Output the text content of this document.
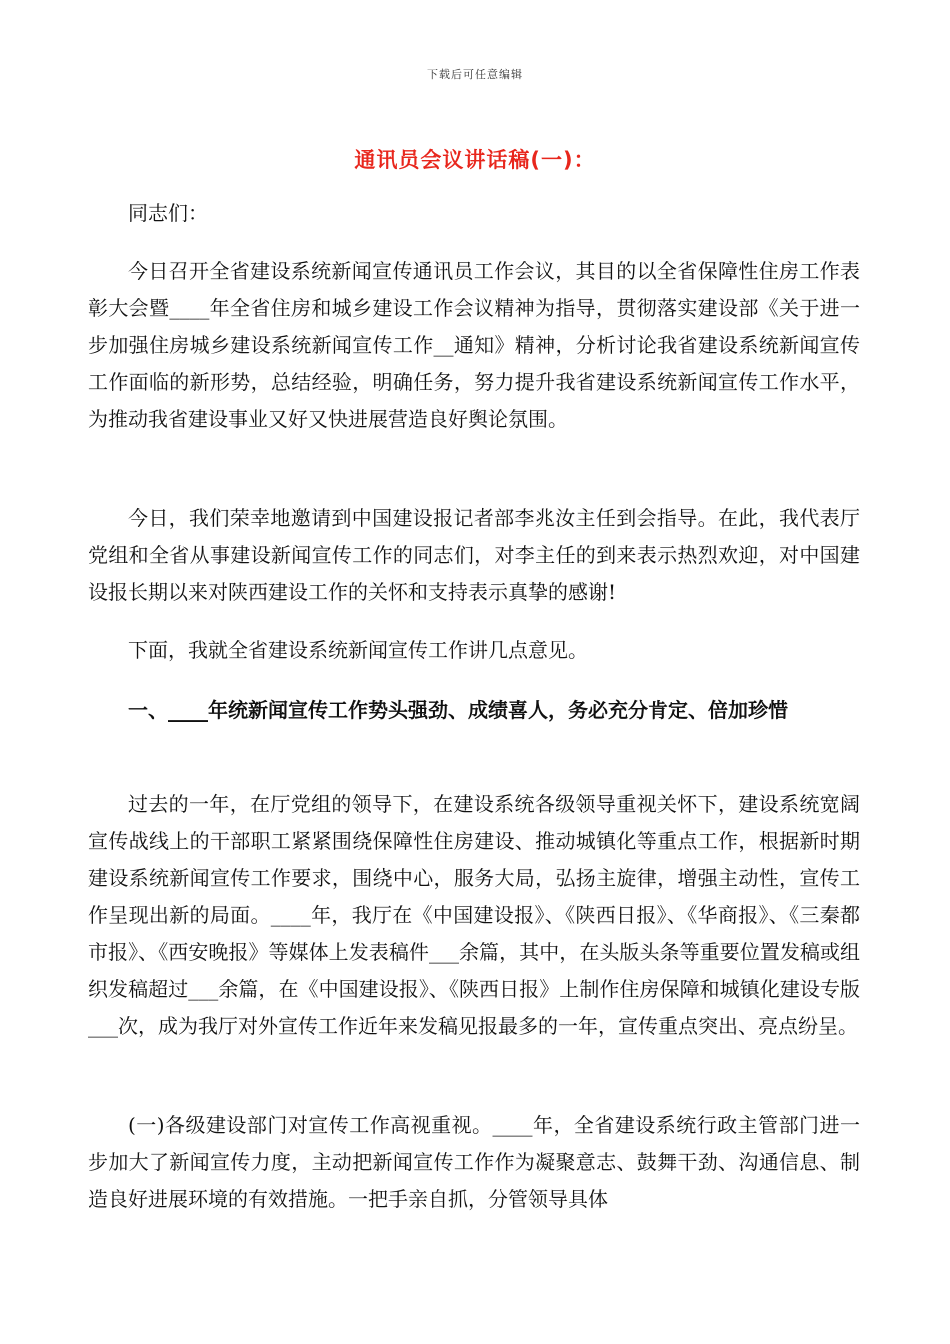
下载后可任意编辑
通讯员会议讲话稿(一)：

同志们：

今日召开全省建设系统新闻宣传通讯员工作会议，其目的以全省保障性住房工作表彰大会暨____年全省住房和城乡建设工作会议精神为指导，贯彻落实建设部《关于进一步加强住房城乡建设系统新闻宣传工作__通知》精神，分析讨论我省建设系统新闻宣传工作面临的新形势，总结经验，明确任务，努力提升我省建设系统新闻宣传工作水平，为推动我省建设事业又好又快进展营造良好舆论氛围。

今日，我们荣幸地邀请到中国建设报记者部李兆汝主任到会指导。在此，我代表厅党组和全省从事建设新闻宣传工作的同志们，对李主任的到来表示热烈欢迎，对中国建设报长期以来对陕西建设工作的关怀和支持表示真挚的感谢!

下面，我就全省建设系统新闻宣传工作讲几点意见。

一、____年统新闻宣传工作势头强劲、成绩喜人，务必充分肯定、倍加珍惜

过去的一年，在厅党组的领导下，在建设系统各级领导重视关怀下，建设系统宽阔宣传战线上的干部职工紧紧围绕保障性住房建设、推动城镇化等重点工作，根据新时期建设系统新闻宣传工作要求，围绕中心，服务大局，弘扬主旋律，增强主动性，宣传工作呈现出新的局面。____年，我厅在《中国建设报》、《陕西日报》、《华商报》、《三秦都市报》、《西安晚报》等媒体上发表稿件___余篇，其中，在头版头条等重要位置发稿或组织发稿超过___余篇，在《中国建设报》、《陕西日报》上制作住房保障和城镇化建设专版___次，成为我厅对外宣传工作近年来发稿见报最多的一年，宣传重点突出、亮点纷呈。

(一)各级建设部门对宣传工作高视重视。____年，全省建设系统行政主管部门进一步加大了新闻宣传力度，主动把新闻宣传工作作为凝聚意志、鼓舞干劲、沟通信息、制造良好进展环境的有效措施。一把手亲自抓，分管领导具体
